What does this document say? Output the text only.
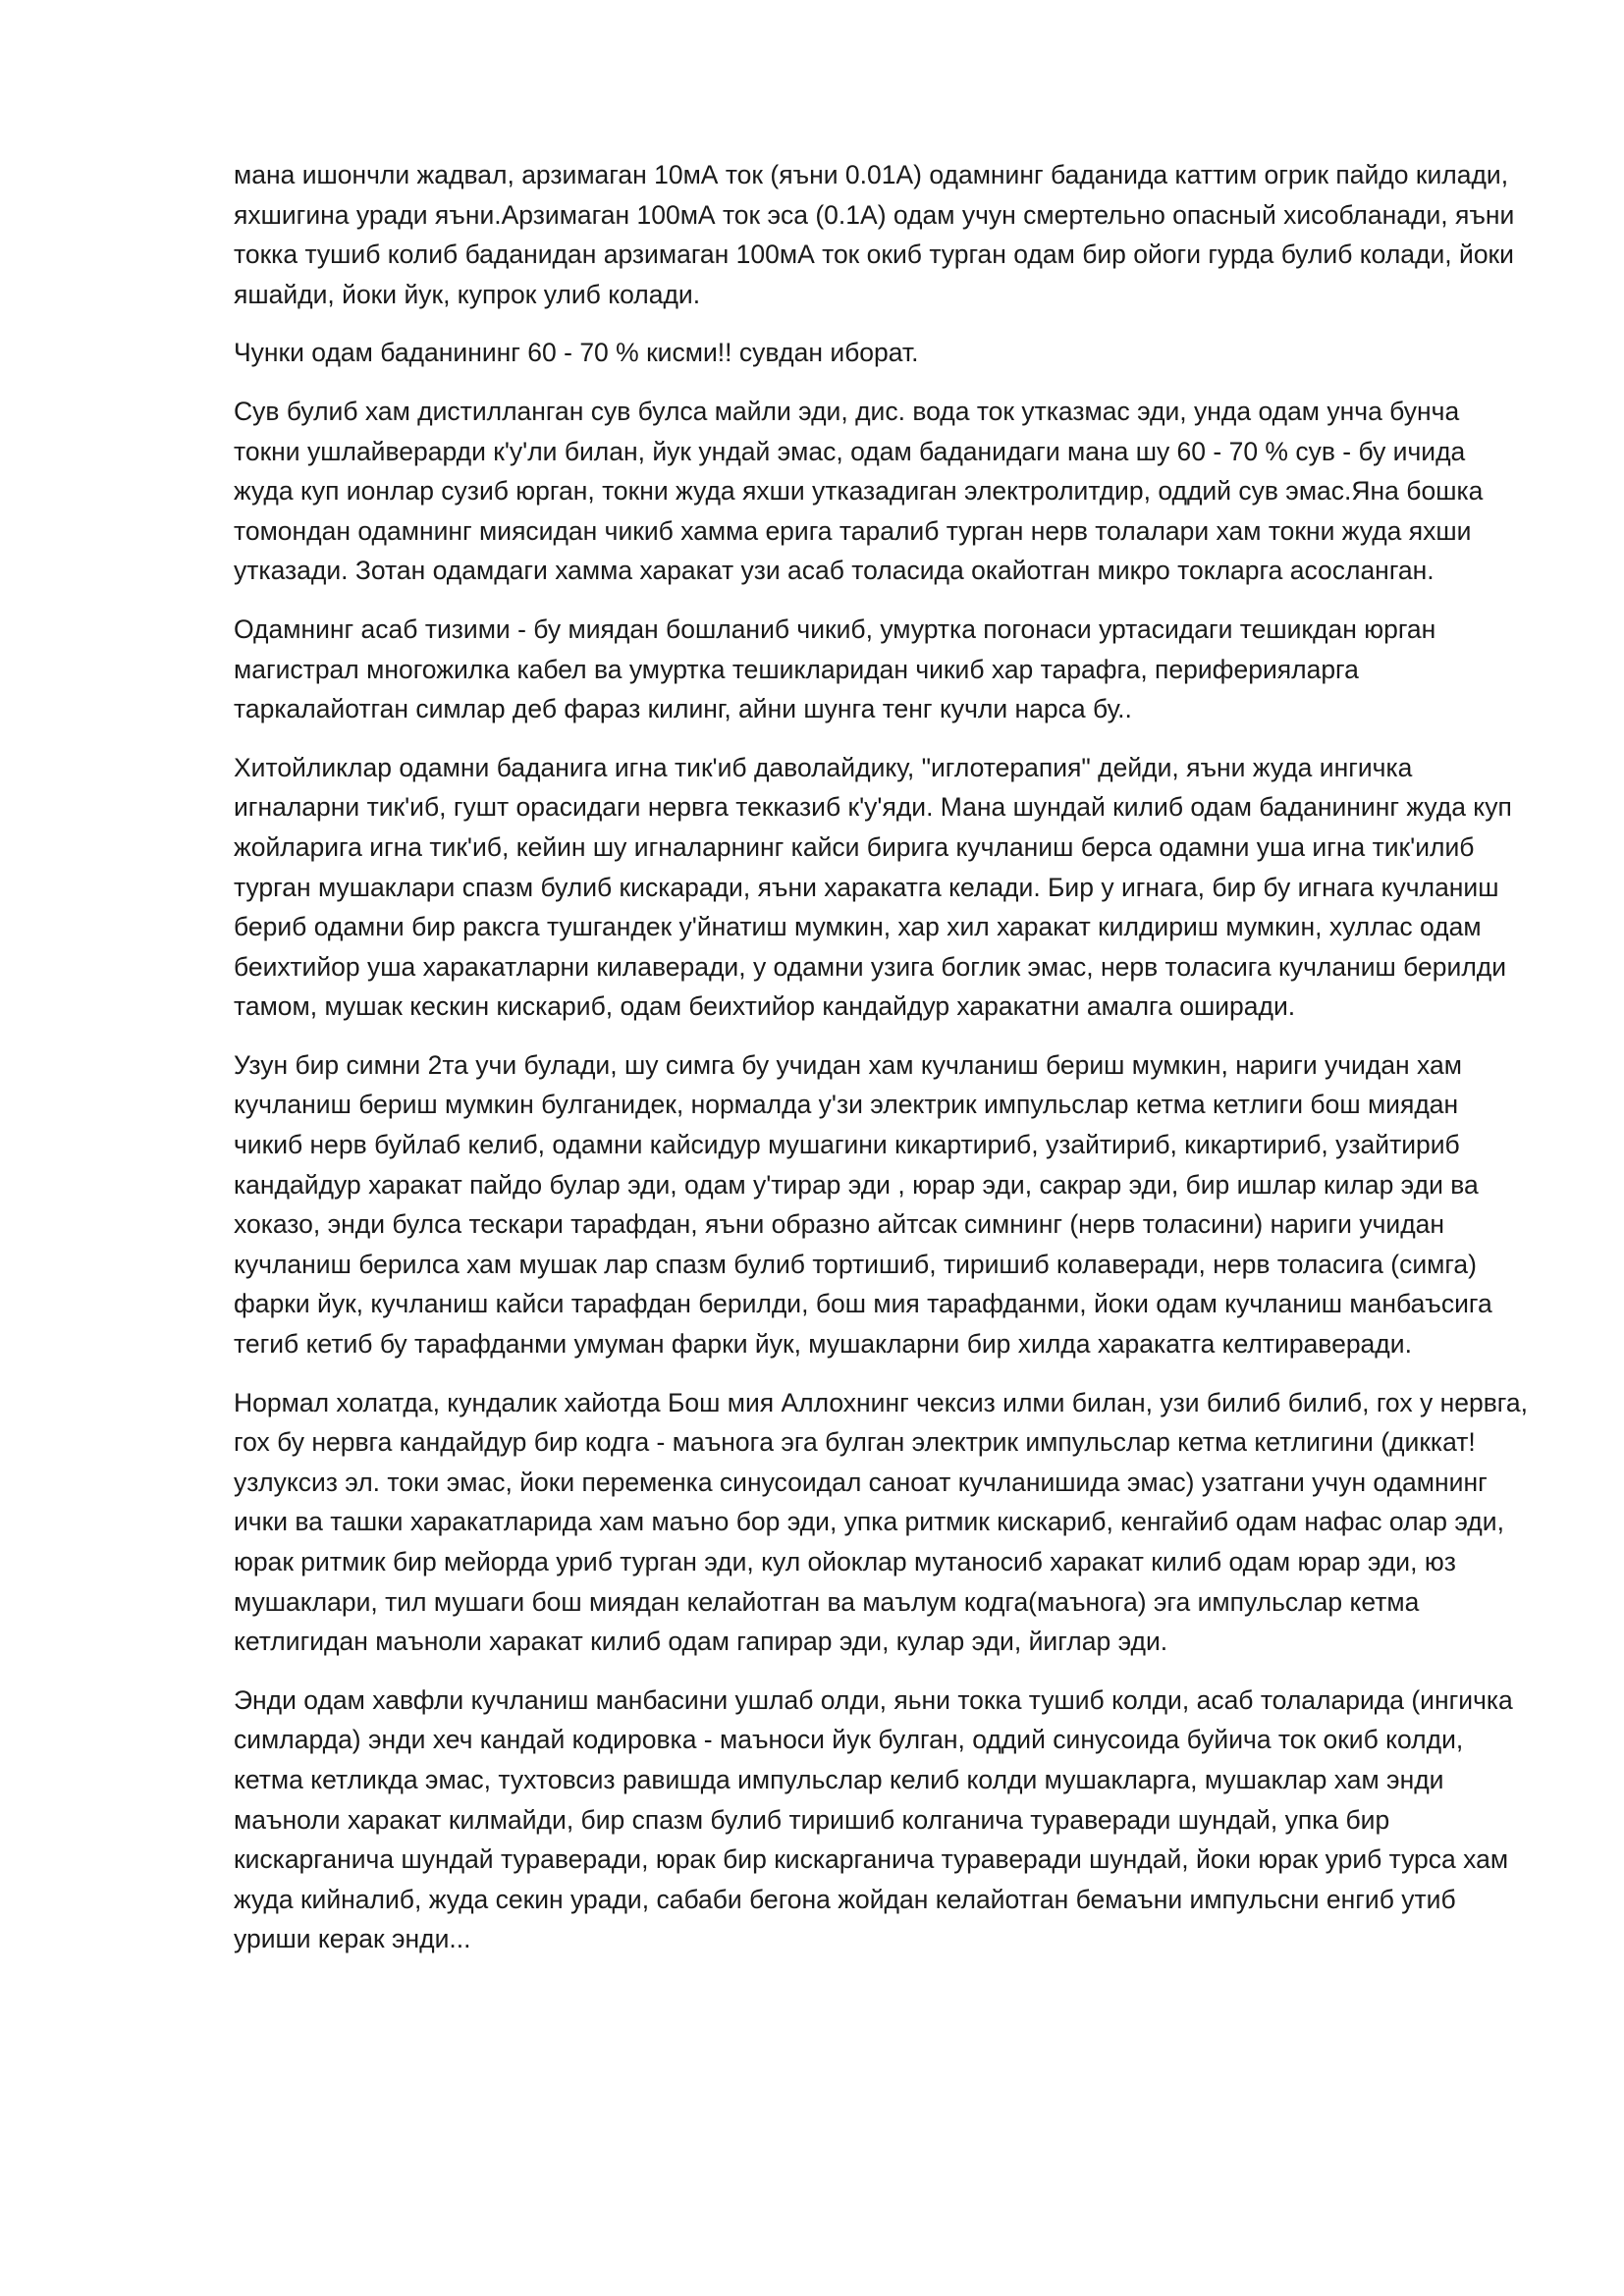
мана ишончли жадвал, арзимаган 10мА ток (яъни 0.01А) одамнинг баданида каттим огрик пайдо килади, яхшигина уради яъни.Арзимаган 100мА ток эса (0.1А) одам учун смертельно опасный хисобланади, яъни токка тушиб колиб баданидан арзимаган 100мА ток окиб турган одам бир ойоги гурда булиб колади, йоки яшайди, йоки йук, купрок улиб колади.

Чунки одам баданининг 60 - 70 % кисми!! сувдан иборат.

Сув булиб хам дистилланган сув булса майли эди, дис. вода ток утказмас эди, унда одам унча бунча токни ушлайверарди к'у'ли билан, йук ундай эмас, одам баданидаги мана шу 60 - 70 % сув - бу ичида жуда куп ионлар сузиб юрган, токни жуда яхши утказадиган электролитдир, оддий сув эмас.Яна бошка томондан одамнинг миясидан чикиб хамма ерига таралиб турган нерв толалари хам токни жуда яхши утказади. Зотан одамдаги хамма харакат узи асаб толасида окайотган микро токларга асосланган.

Одамнинг асаб тизими - бу миядан бошланиб чикиб, умуртка погонаси уртасидаги тешикдан юрган магистрал многожилка кабел ва умуртка тешикларидан чикиб хар тарафга, периферияларга таркалайотган симлар деб фараз килинг, айни шунга тенг кучли нарса бу..

Хитойликлар одамни баданига игна тик'иб даволайдику, "иглотерапия" дейди, яъни жуда ингичка игналарни тик'иб, гушт орасидаги нервга текказиб к'у'яди. Мана шундай килиб одам баданининг жуда куп жойларига игна тик'иб, кейин шу игналарнинг кайси бирига кучланиш берса одамни уша игна тик'илиб турган мушаклари спазм булиб кискаради, яъни харакатга келади. Бир у игнага, бир бу игнага кучланиш бериб одамни бир раксга тушгандек у'йнатиш мумкин, хар хил харакат килдириш мумкин, хуллас одам беихтийор уша харакатларни килаверади, у одамни узига боглик эмас, нерв толасига кучланиш берилди тамом, мушак кескин кискариб, одам беихтийор кандайдур харакатни амалга оширади.

Узун бир симни 2та учи булади, шу симга бу учидан хам кучланиш бериш мумкин, нариги учидан хам кучланиш бериш мумкин булганидек, нормалда у'зи электрик импульслар кетма кетлиги бош миядан чикиб нерв буйлаб келиб, одамни кайсидур мушагини кикартириб, узайтириб, кикартириб, узайтириб кандайдур харакат пайдо булар эди, одам у'тирар эди , юрар эди, сакрар эди, бир ишлар килар эди ва хоказо, энди булса тескари тарафдан, яъни образно айтсак симнинг (нерв толасини) нариги учидан кучланиш берилса хам мушак лар спазм булиб тортишиб, тиришиб колаверади, нерв толасига (симга) фарки йук, кучланиш кайси тарафдан берилди, бош мия тарафданми, йоки одам кучланиш манбаъсига тегиб кетиб бу тарафданми умуман фарки йук, мушакларни бир хилда харакатга келтираверади.

Нормал холатда, кундалик хайотда Бош мия Аллохнинг чексиз илми билан, узи билиб билиб, гох у нервга, гох бу нервга кандайдур бир кодга - маъногa эга булган электрик импульслар кетма кетлигини (диккат! узлуксиз эл. токи эмас, йоки переменка синусоидал саноат кучланишида эмас) узатгани учун одамнинг ички ва ташки харакатларида хам маъно бор эди, упка ритмик кискариб, кенгайиб одам нафас олар эди, юрак ритмик бир мейорда уриб турган эди, кул ойоклар мутаносиб харакат килиб одам юрар эди, юз мушаклари, тил мушаги бош миядан келайотган ва маълум кодга(маънога) эга импульслар кетма кетлигидан маъноли харакат килиб одам гапирар эди, кулар эди, йиглар эди.

Энди одам хавфли кучланиш манбасини ушлаб олди, яьни токка тушиб колди, асаб толаларида (ингичка симларда) энди хеч кандай кодировка - маъноси йук булган, оддий синусоида буйича ток окиб колди, кетма кетликда эмас, тухтовсиз равишда импульслар келиб колди мушакларга, мушаклар хам энди маъноли харакат килмайди, бир спазм булиб тиришиб колганича тураверади шундай, упка бир кискарганича шундай тураверади, юрак бир кискарганича тураверади шундай, йоки юрак уриб турса хам жуда кийналиб, жуда секин уради, сабаби бегона жойдан келайотган бемаъни импульсни енгиб утиб уриши керак энди...
